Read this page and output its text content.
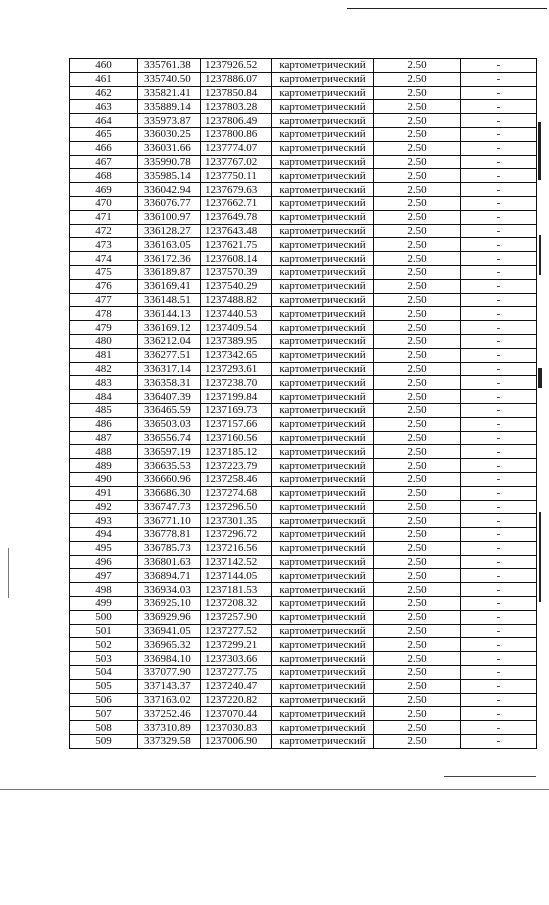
460	335761.38	1237926.52	картометрический	2.50	-
461	335740.50	1237886.07	картометрический	2.50	-
462	335821.41	1237850.84	картометрический	2.50	-
463	335889.14	1237803.28	картометрический	2.50	-
464	335973.87	1237806.49	картометрический	2.50	-
465	336030.25	1237800.86	картометрический	2.50	-
466	336031.66	1237774.07	картометрический	2.50	-
467	335990.78	1237767.02	картометрический	2.50	-
468	335985.14	1237750.11	картометрический	2.50	-
469	336042.94	1237679.63	картометрический	2.50	-
470	336076.77	1237662.71	картометрический	2.50	-
471	336100.97	1237649.78	картометрический	2.50	-
472	336128.27	1237643.48	картометрический	2.50	-
473	336163.05	1237621.75	картометрический	2.50	-
474	336172.36	1237608.14	картометрический	2.50	-
475	336189.87	1237570.39	картометрический	2.50	-
476	336169.41	1237540.29	картометрический	2.50	-
477	336148.51	1237488.82	картометрический	2.50	-
478	336144.13	1237440.53	картометрический	2.50	-
479	336169.12	1237409.54	картометрический	2.50	-
480	336212.04	1237389.95	картометрический	2.50	-
481	336277.51	1237342.65	картометрический	2.50	-
482	336317.14	1237293.61	картометрический	2.50	-
483	336358.31	1237238.70	картометрический	2.50	-
484	336407.39	1237199.84	картометрический	2.50	-
485	336465.59	1237169.73	картометрический	2.50	-
486	336503.03	1237157.66	картометрический	2.50	-
487	336556.74	1237160.56	картометрический	2.50	-
488	336597.19	1237185.12	картометрический	2.50	-
489	336635.53	1237223.79	картометрический	2.50	-
490	336660.96	1237258.46	картометрический	2.50	-
491	336686.30	1237274.68	картометрический	2.50	-
492	336747.73	1237296.50	картометрический	2.50	-
493	336771.10	1237301.35	картометрический	2.50	-
494	336778.81	1237296.72	картометрический	2.50	-
495	336785.73	1237216.56	картометрический	2.50	-
496	336801.63	1237142.52	картометрический	2.50	-
497	336894.71	1237144.05	картометрический	2.50	-
498	336934.03	1237181.53	картометрический	2.50	-
499	336925.10	1237208.32	картометрический	2.50	-
500	336929.96	1237257.90	картометрический	2.50	-
501	336941.05	1237277.52	картометрический	2.50	-
502	336965.32	1237299.21	картометрический	2.50	-
503	336984.10	1237303.66	картометрический	2.50	-
504	337077.90	1237277.75	картометрический	2.50	-
505	337143.37	1237240.47	картометрический	2.50	-
506	337163.02	1237220.82	картометрический	2.50	-
507	337252.46	1237070.44	картометрический	2.50	-
508	337310.89	1237030.83	картометрический	2.50	-
509	337329.58	1237006.90	картометрический	2.50	-
